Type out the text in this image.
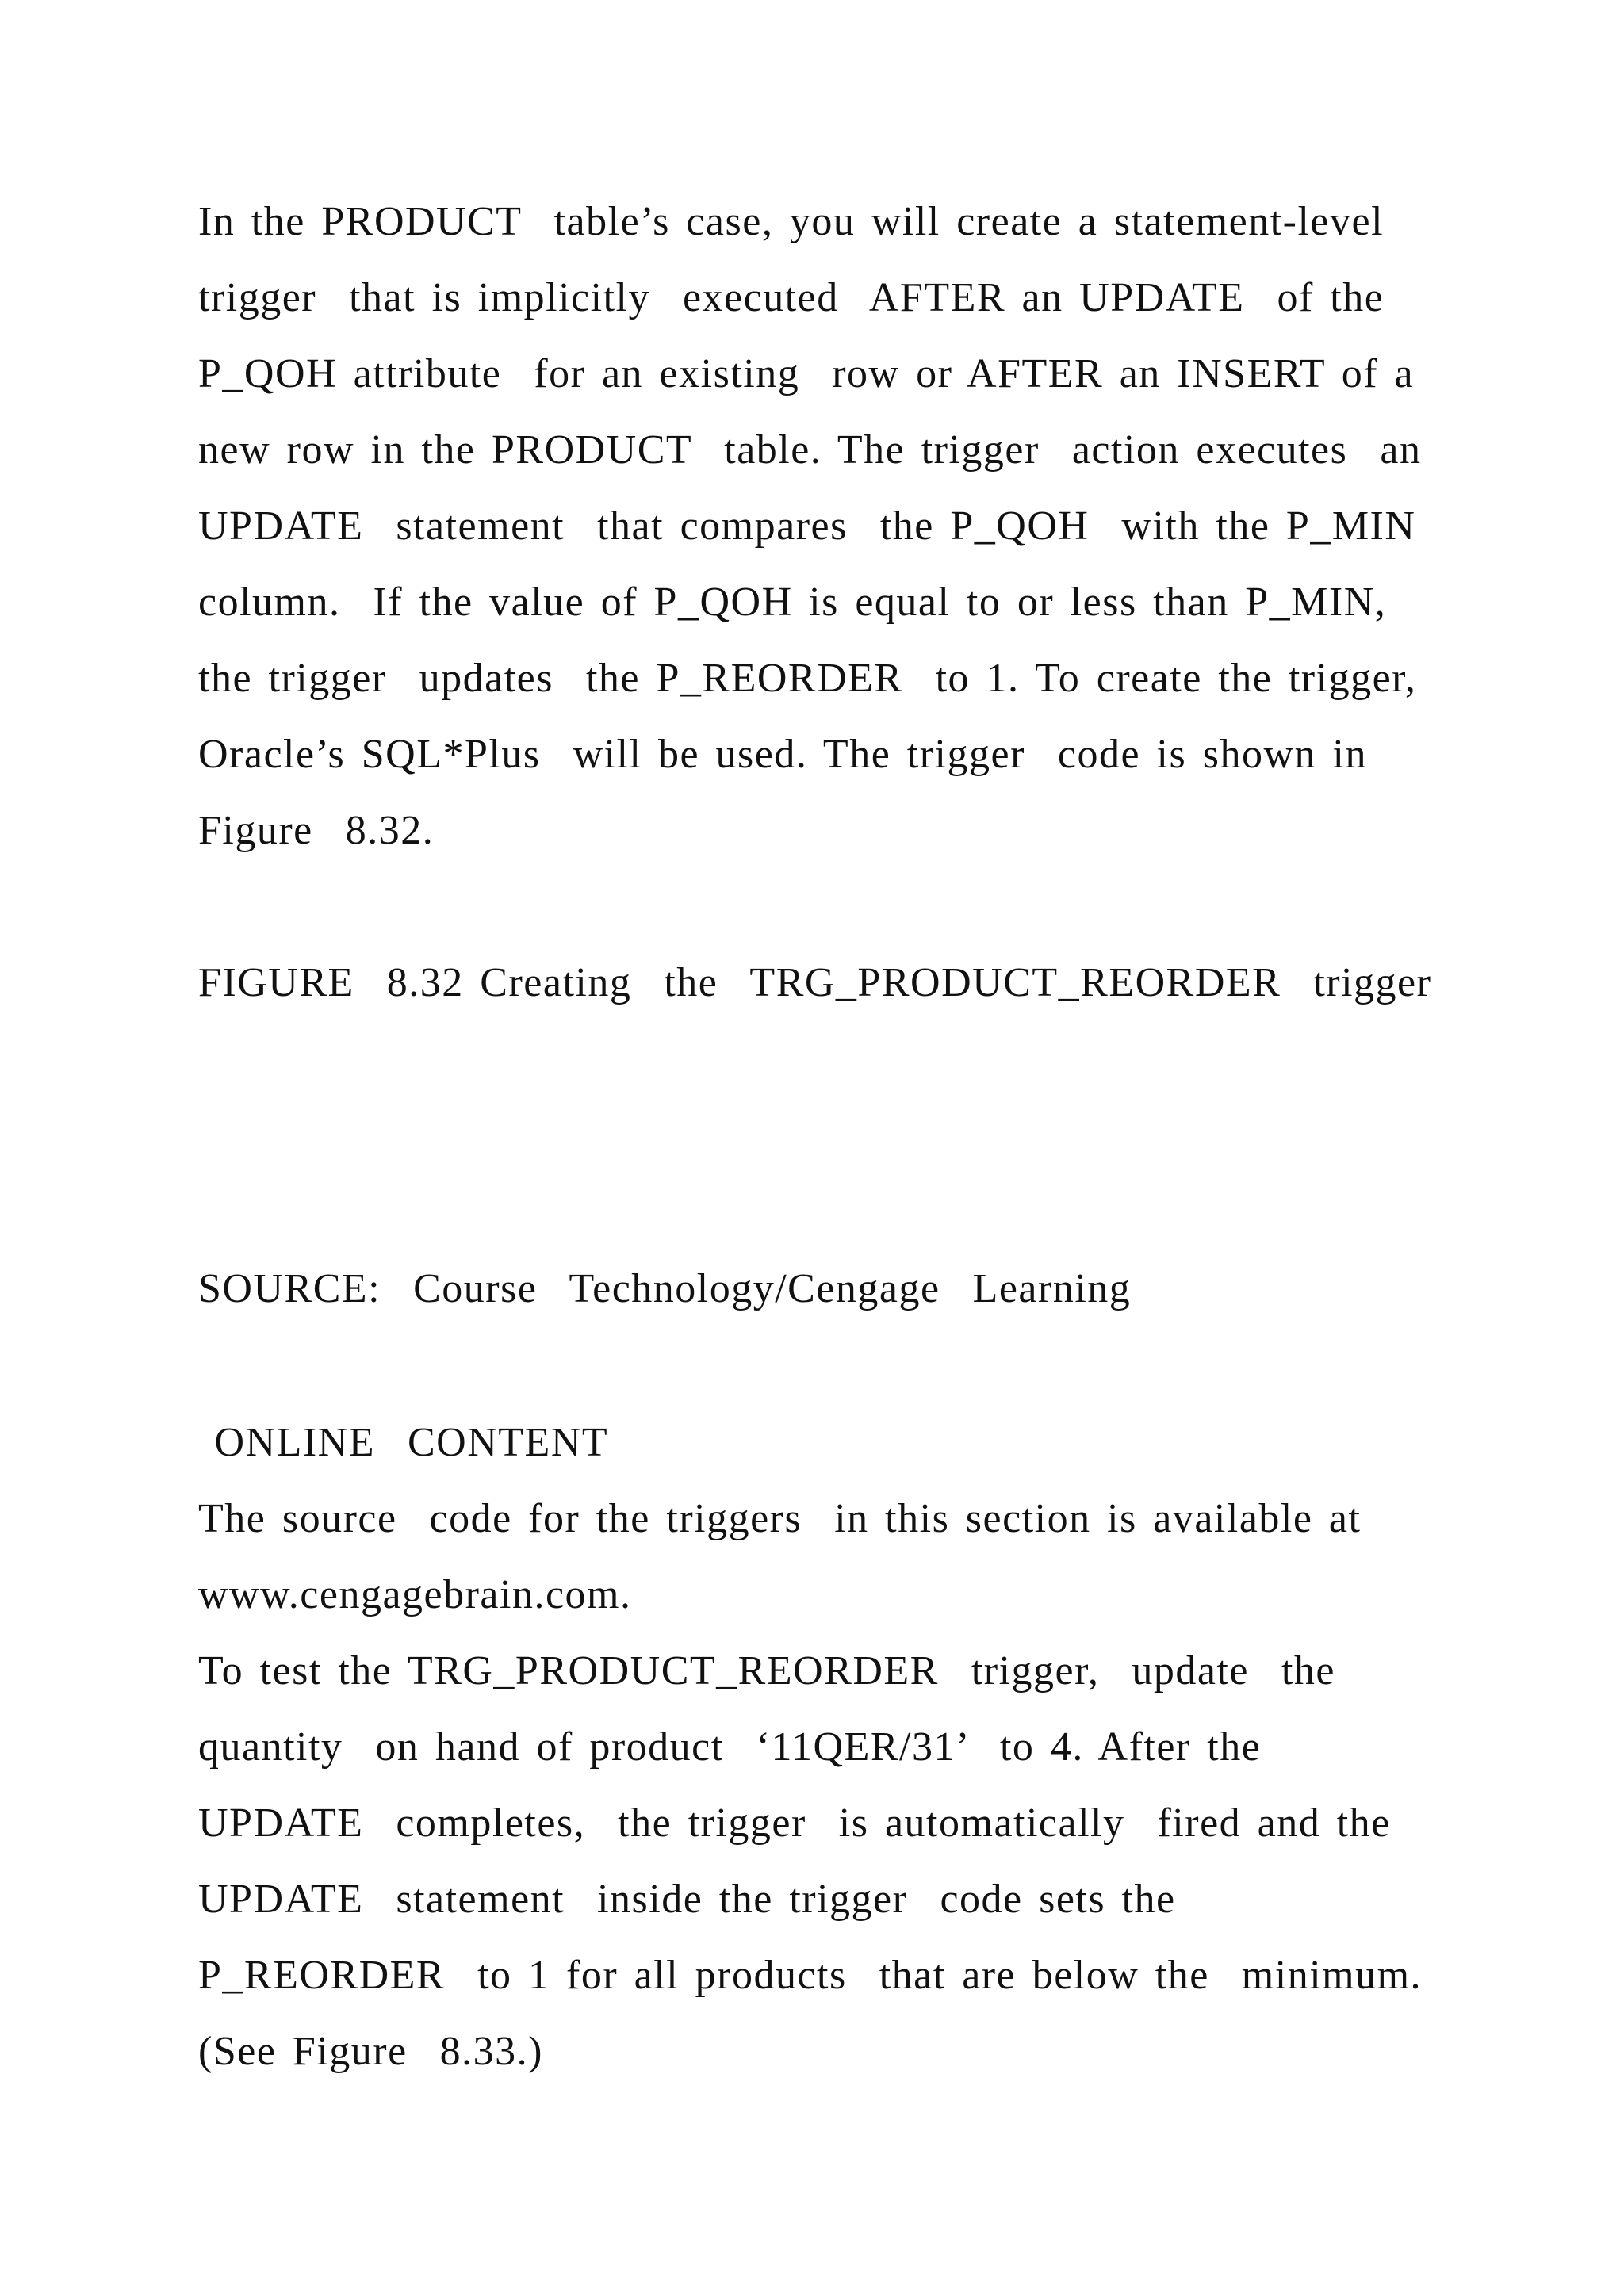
In the PRODUCT  table’s case, you will create a statement-level
trigger  that is implicitly  executed  AFTER an UPDATE  of the
P_QOH attribute  for an existing  row or AFTER an INSERT of a
new row in the PRODUCT  table. The trigger  action executes  an
UPDATE  statement  that compares  the P_QOH  with the P_MIN
column.  If the value of P_QOH is equal to or less than P_MIN,
the trigger  updates  the P_REORDER  to 1. To create the trigger,
Oracle’s SQL*Plus  will be used. The trigger  code is shown in
Figure  8.32.
FIGURE  8.32 Creating  the  TRG_PRODUCT_REORDER  trigger
SOURCE:  Course  Technology/Cengage  Learning
ONLINE  CONTENT
The source  code for the triggers  in this section is available at
www.cengagebrain.com.
To test the TRG_PRODUCT_REORDER  trigger,  update  the
quantity  on hand of product  ‘11QER/31’  to 4. After the
UPDATE  completes,  the trigger  is automatically  fired and the
UPDATE  statement  inside the trigger  code sets the
P_REORDER  to 1 for all products  that are below the  minimum.
(See Figure  8.33.)
